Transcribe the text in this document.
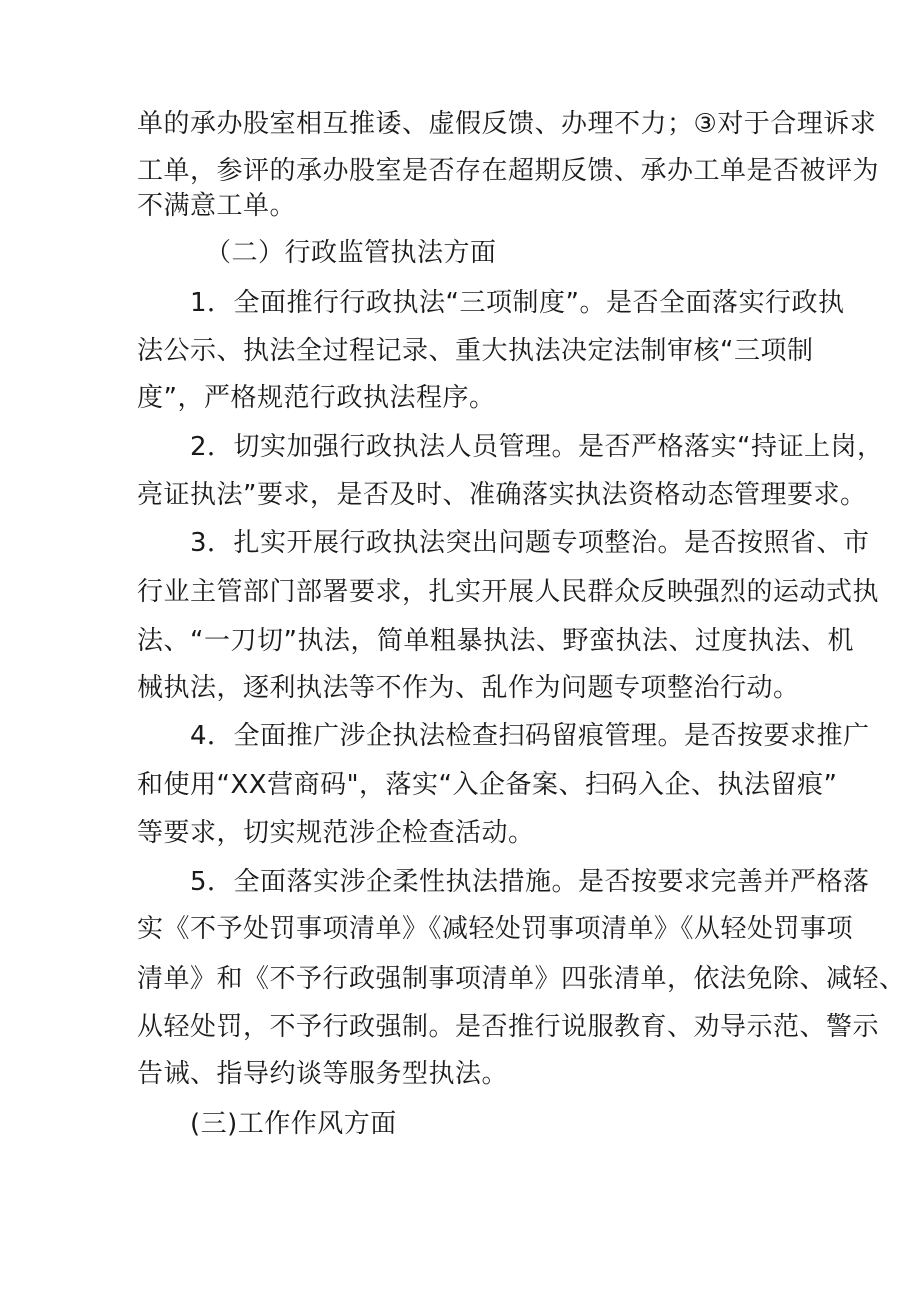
单的承办股室相互推诿、虚假反馈、办理不力；③对于合理诉求
工单，参评的承办股室是否存在超期反馈、承办工单是否被评为
不满意工单。
（二）行政监管执法方面
1．全面推行行政执法“三项制度”。是否全面落实行政执
法公示、执法全过程记录、重大执法决定法制审核“三项制
度”，严格规范行政执法程序。
2．切实加强行政执法人员管理。是否严格落实“持证上岗，
亮证执法”要求，是否及时、准确落实执法资格动态管理要求。
3．扎实开展行政执法突出问题专项整治。是否按照省、市
行业主管部门部署要求，扎实开展人民群众反映强烈的运动式执
法、“一刀切”执法，简单粗暴执法、野蛮执法、过度执法、机
械执法，逐利执法等不作为、乱作为问题专项整治行动。
4．全面推广涉企执法检查扫码留痕管理。是否按要求推广
和使用“XX营商码"，落实“入企备案、扫码入企、执法留痕”
等要求，切实规范涉企检查活动。
5．全面落实涉企柔性执法措施。是否按要求完善并严格落
实《不予处罚事项清单》《减轻处罚事项清单》《从轻处罚事项
清单》和《不予行政强制事项清单》四张清单，依法免除、减轻、
从轻处罚，不予行政强制。是否推行说服教育、劝导示范、警示
告诫、指导约谈等服务型执法。
(三)工作作风方面
